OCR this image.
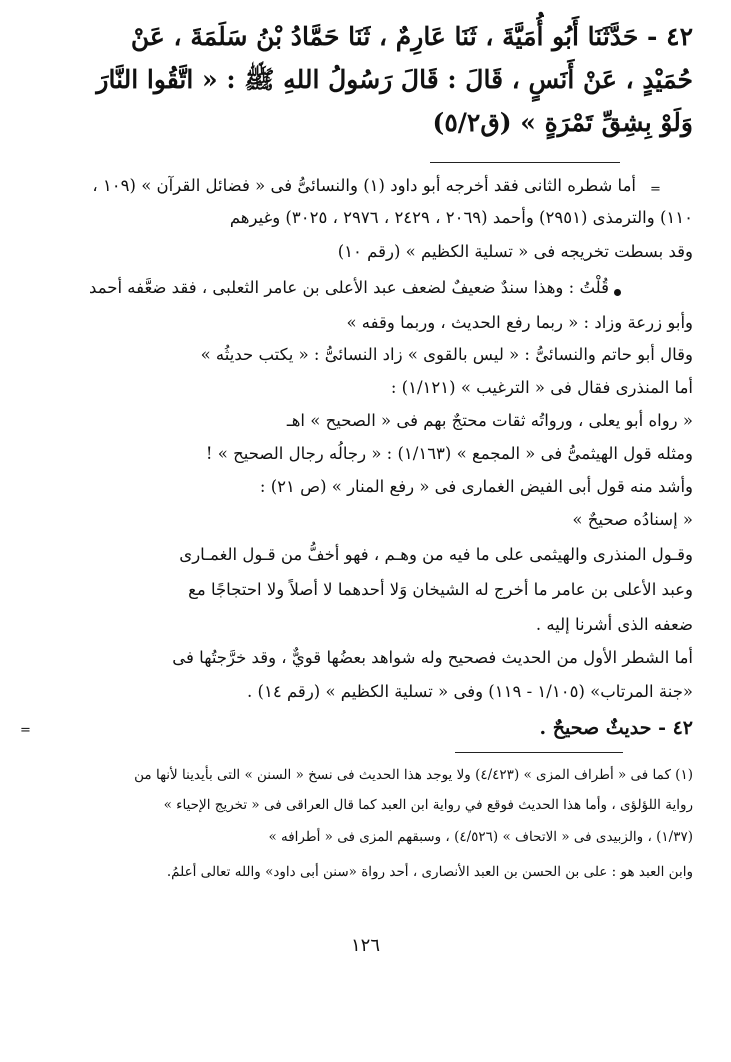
٤٢ - حَدَّثَنَا أَبُو أُمَيَّةَ ، ثَنَا عَارِمٌ ، ثَنَا حَمَّادُ بْنُ سَلَمَةَ ، عَنْ
حُمَيْدٍ ، عَنْ أَنَسٍ ، قَالَ : قَالَ رَسُولُ اللهِ ﷺ : « اتَّقُوا النَّارَ
وَلَوْ بِشِقِّ تَمْرَةٍ » (ق٥/٢)
=
=
أما شطره الثانى فقد أخرجه أبو داود (١) والنسائىُّ فى « فضائل القرآن » (١٠٩ ،
١١٠) والترمذى (٢٩٥١) وأحمد (٢٠٦٩ ، ٢٤٢٩ ، ٢٩٧٦ ، ٣٠٢٥) وغيرهم
وقد بسطت تخريجه فى « تسلية الكظيم » (رقم ١٠)
قُلْتُ : وهذا سندٌ ضعيفٌ لضعف عبد الأعلى بن عامر الثعلبى ، فقد ضعَّفه أحمد
وأبو زرعة وزاد : « ربما رفع الحديث ، وربما وقفه »
وقال أبو حاتم والنسائىُّ : « ليس بالقوى » زاد النسائىُّ : « يكتب حديثُه »
أما المنذرى فقال فى « الترغيب » (١/١٢١) :
« رواه أبو يعلى ، ورواتُه ثقات محتجٌ بهم فى « الصحيح » اهـ
ومثله قول الهيثمىُّ فى « المجمع » (١/١٦٣) : « رجالُه رجال الصحيح » !
وأشد منه قول أبى الفيض الغمارى فى « رفع المنار » (ص ٢١) :
« إسنادُه صحيحٌ »
وقـول المنذرى والهيثمى على ما فيه من وهـم ، فهو أخفُّ من قـول الغمـارى
وعبد الأعلى بن عامر ما أخرج له الشيخان وَلا أحدهما لا أصلاً ولا احتجاجًا مع
ضعفه الذى أشرنا إليه .
أما الشطر الأول من الحديث فصحيح وله شواهد بعضُها قويٌّ ، وقد خرَّجتُها فى
«جنة المرتاب» (١/١٠٥ - ١١٩) وفى « تسلية الكظيم » (رقم ١٤) .
٤٢ - حديثٌ صحيحٌ .
(١) كما فى « أطراف المزى » (٤/٤٢٣) ولا يوجد هذا الحديث فى نسخ « السنن » التى بأيدينا لأنها من
رواية اللؤلؤى ، وأما هذا الحديث فوقع في رواية ابن العبد كما قال العراقى فى « تخريج الإحياء »
(١/٣٧) ، والزبيدى فى « الاتحاف » (٤/٥٢٦) ، وسبقهم المزى فى « أطرافه »
وابن العبد هو : على بن الحسن بن العبد الأنصارى ، أحد رواة «سنن أبى داود» والله تعالى أعلمُ.
١٢٦
